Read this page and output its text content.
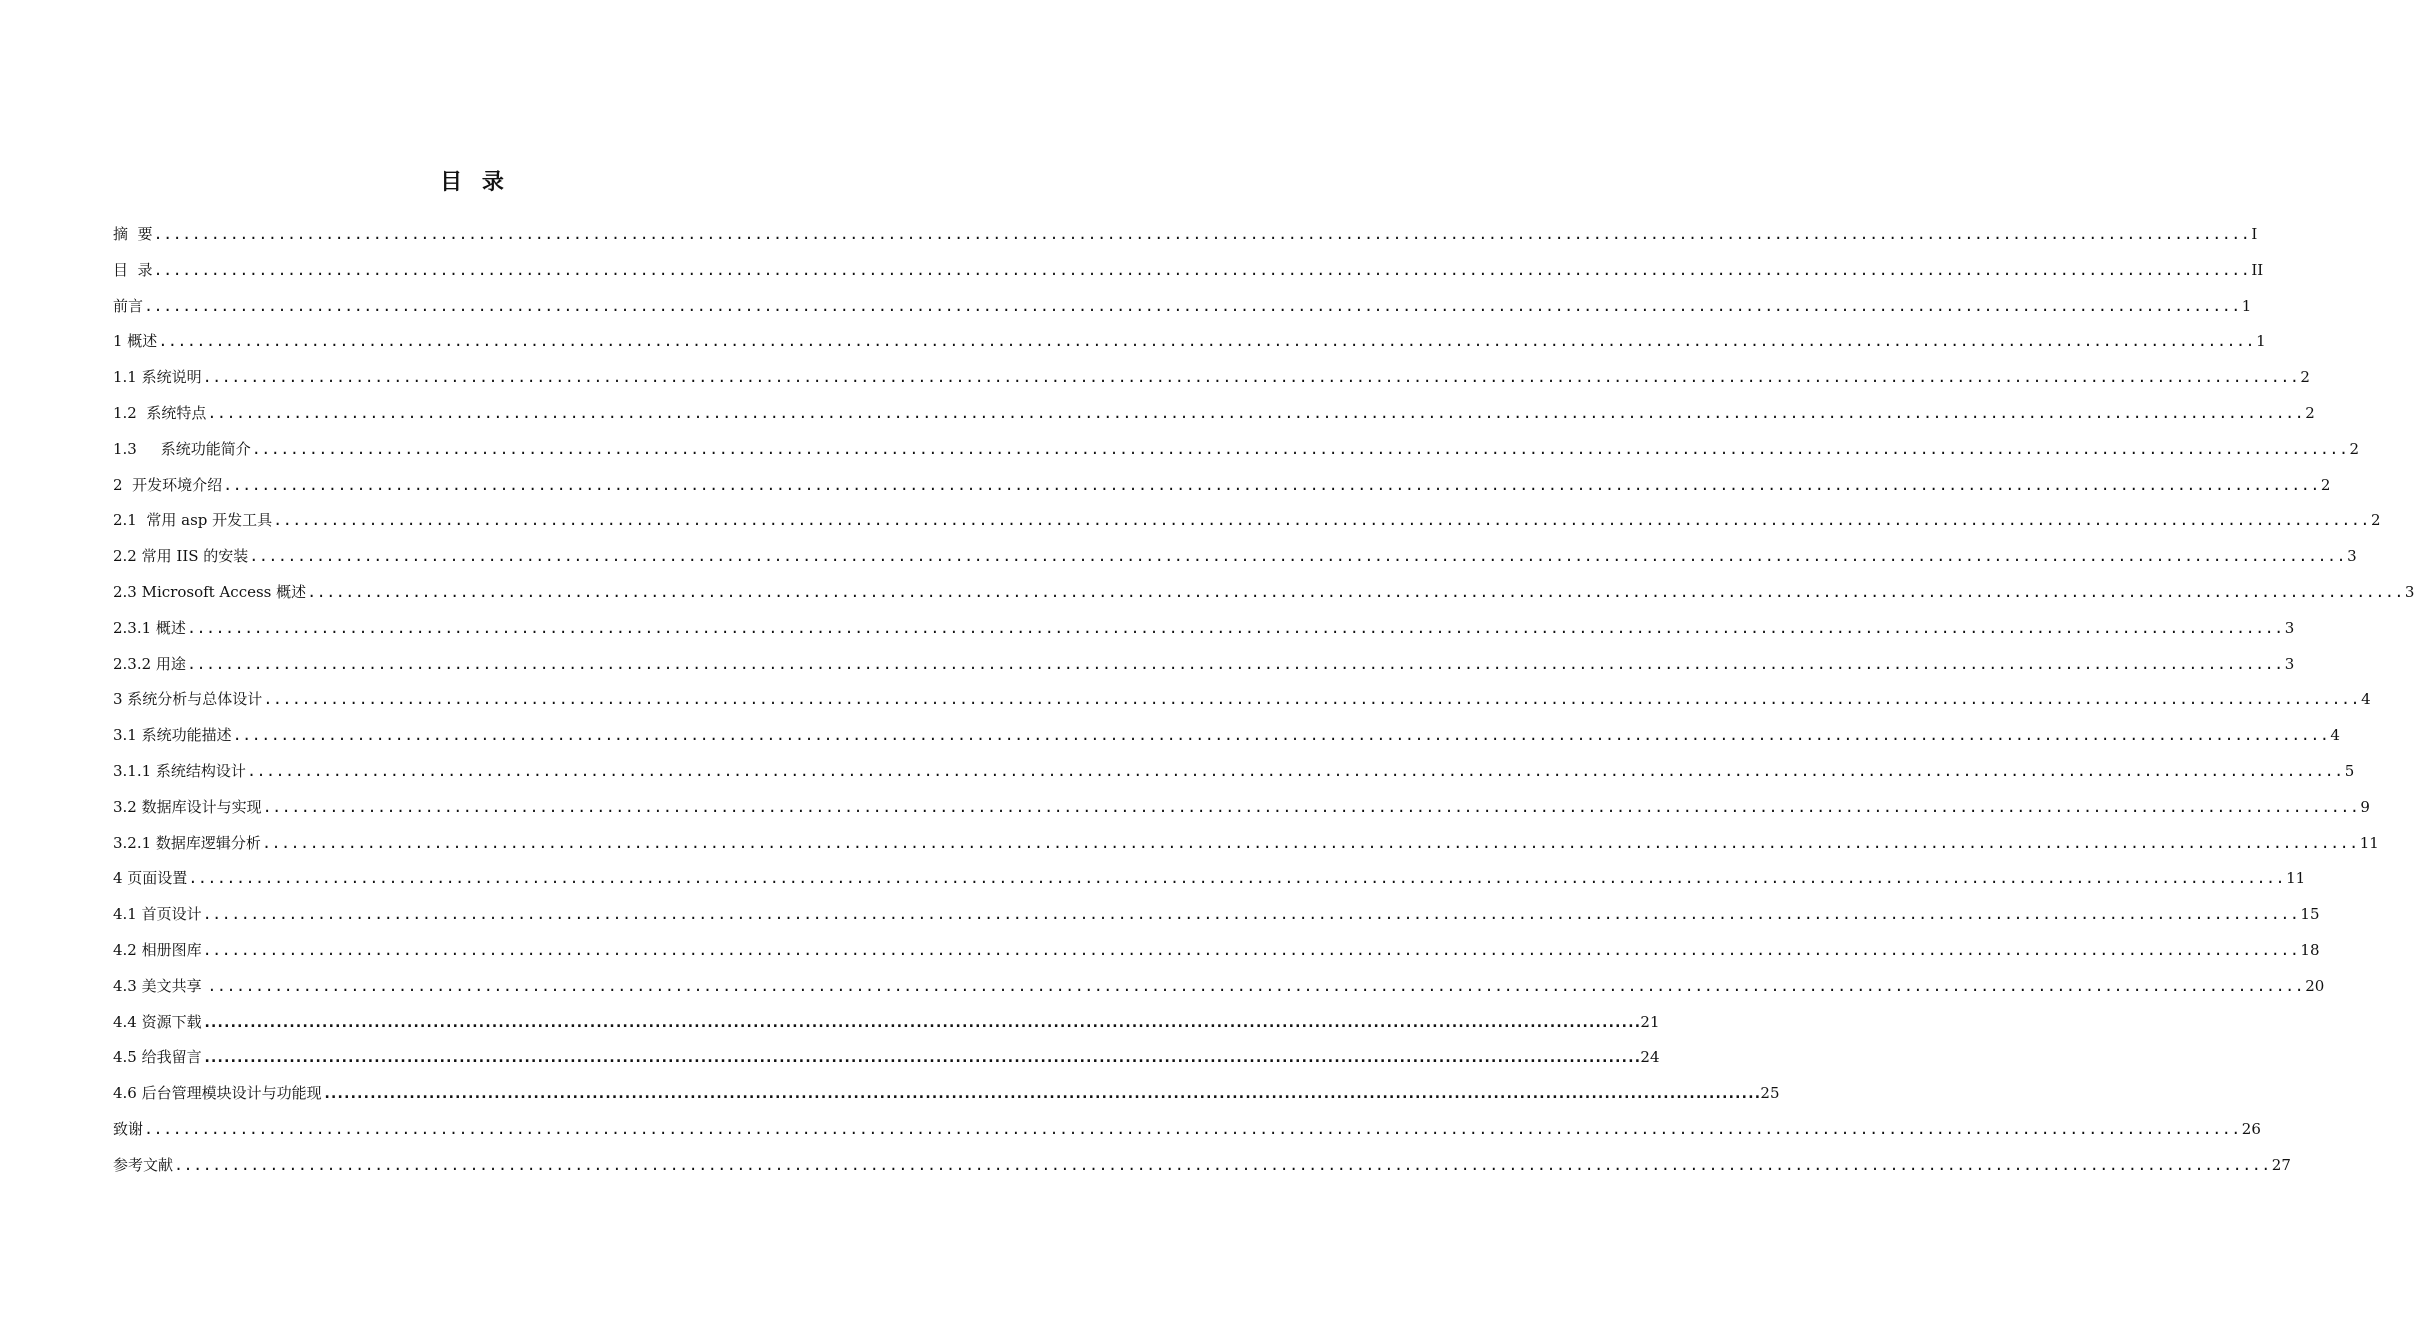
目 录
摘  要 ............................................................................................................................................................................................................................ I
目  录 ............................................................................................................................................................................................................................ II
前言 ............................................................................................................................................................................................................................ 1
1 概述 ............................................................................................................................................................................................................................ 1
1.1 系统说明 ............................................................................................................................................................................................................................ 2
1.2  系统特点 ............................................................................................................................................................................................................................ 2
1.3     系统功能简介 ............................................................................................................................................................................................................................ 2
2  开发环境介绍 ............................................................................................................................................................................................................................ 2
2.1  常用 asp 开发工具 ............................................................................................................................................................................................................................ 2
2.2 常用 IIS 的安装 ............................................................................................................................................................................................................................ 3
2.3 Microsoft Access 概述 ............................................................................................................................................................................................................................ 3
2.3.1 概述 ............................................................................................................................................................................................................................ 3
2.3.2 用途 ............................................................................................................................................................................................................................ 3
3 系统分析与总体设计 ............................................................................................................................................................................................................................ 4
3.1 系统功能描述 ............................................................................................................................................................................................................................ 4
3.1.1 系统结构设计 ............................................................................................................................................................................................................................ 5
3.2 数据库设计与实现 ............................................................................................................................................................................................................................ 9
3.2.1 数据库逻辑分析 ............................................................................................................................................................................................................................ 11
4 页面设置 ............................................................................................................................................................................................................................ 11
4.1 首页设计 ............................................................................................................................................................................................................................ 15
4.2 相册图库 ............................................................................................................................................................................................................................ 18
4.3 美文共享 ............................................................................................................................................................................................................................ 20
4.4 资源下载 ............................................................................................................................................................................................................................ 21
4.5 给我留言 ............................................................................................................................................................................................................................ 24
4.6 后台管理模块设计与功能现 ............................................................................................................................................................................................................................ 25
致谢 ............................................................................................................................................................................................................................ 26
参考文献 ............................................................................................................................................................................................................................ 27
